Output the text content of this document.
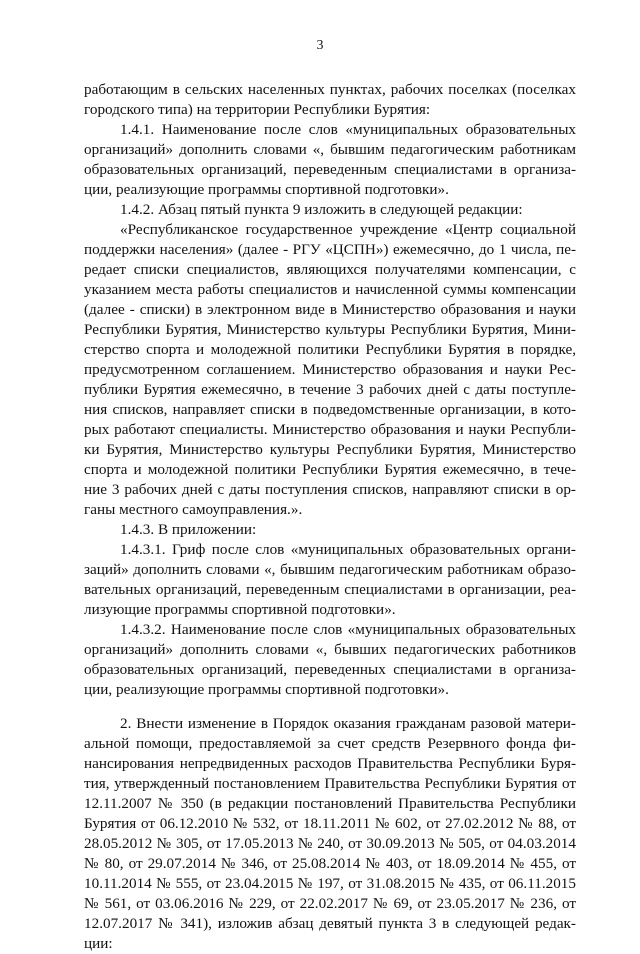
3
работающим в сельских населенных пунктах, рабочих поселках (поселках
городского типа) на территории Республики Бурятия:
1.4.1. Наименование после слов «муниципальных образовательных
организаций» дополнить словами «, бывшим педагогическим работникам
образовательных организаций, переведенным специалистами в организа-
ции, реализующие программы спортивной подготовки».
1.4.2. Абзац пятый пункта 9 изложить в следующей редакции:
«Республиканское государственное учреждение «Центр социальной
поддержки населения» (далее - РГУ «ЦСПН») ежемесячно, до 1 числа, пе-
редает списки специалистов, являющихся получателями компенсации, с
указанием места работы специалистов и начисленной суммы компенсации
(далее - списки) в электронном виде в Министерство образования и науки
Республики Бурятия, Министерство культуры Республики Бурятия, Мини-
стерство спорта и молодежной политики Республики Бурятия в порядке,
предусмотренном соглашением. Министерство образования и науки Рес-
публики Бурятия ежемесячно, в течение 3 рабочих дней с даты поступле-
ния списков, направляет списки в подведомственные организации, в кото-
рых работают специалисты. Министерство образования и науки Республи-
ки Бурятия, Министерство культуры Республики Бурятия, Министерство
спорта и молодежной политики Республики Бурятия ежемесячно, в тече-
ние 3 рабочих дней с даты поступления списков, направляют списки в ор-
ганы местного самоуправления.».
1.4.3. В приложении:
1.4.3.1. Гриф после слов «муниципальных образовательных органи-
заций» дополнить словами «, бывшим педагогическим работникам образо-
вательных организаций, переведенным специалистами в организации, реа-
лизующие программы спортивной подготовки».
1.4.3.2. Наименование после слов «муниципальных образовательных
организаций» дополнить словами «, бывших педагогических работников
образовательных организаций, переведенных специалистами в организа-
ции, реализующие программы спортивной подготовки».
2. Внести изменение в Порядок оказания гражданам разовой матери-
альной помощи, предоставляемой за счет средств Резервного фонда фи-
нансирования непредвиденных расходов Правительства Республики Буря-
тия, утвержденный постановлением Правительства Республики Бурятия от
12.11.2007 № 350 (в редакции постановлений Правительства Республики
Бурятия от 06.12.2010 № 532, от 18.11.2011 № 602, от 27.02.2012 № 88, от
28.05.2012 № 305, от 17.05.2013 № 240, от 30.09.2013 № 505, от 04.03.2014
№ 80, от 29.07.2014 № 346, от 25.08.2014 № 403, от 18.09.2014 № 455, от
10.11.2014 № 555, от 23.04.2015 № 197, от 31.08.2015 № 435, от 06.11.2015
№ 561, от 03.06.2016 № 229, от 22.02.2017 № 69, от 23.05.2017 № 236, от
12.07.2017 № 341), изложив абзац девятый пункта 3 в следующей редак-
ции:
